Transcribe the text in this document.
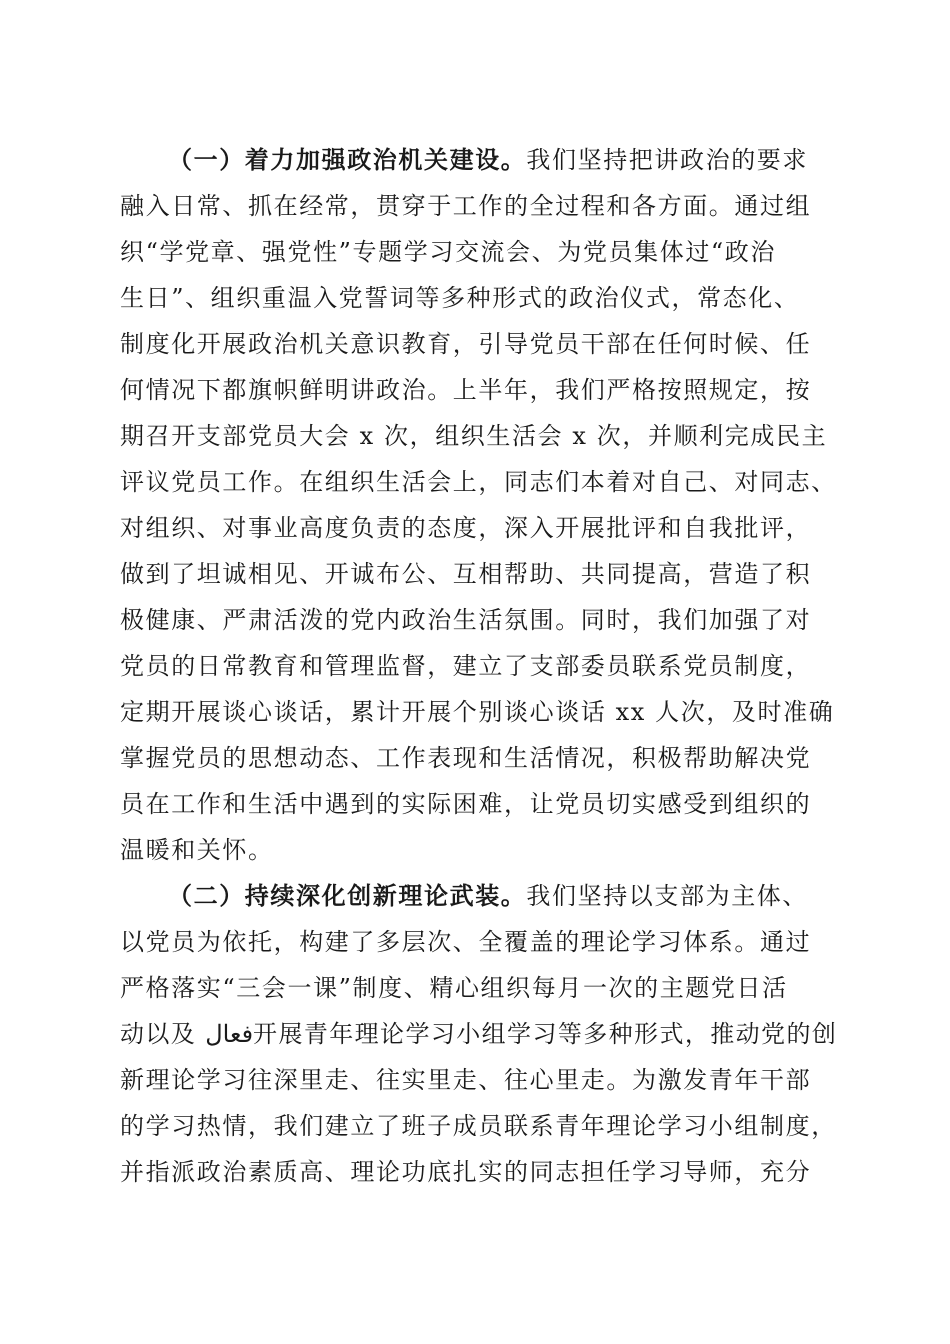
（一）着力加强政治机关建设。我们坚持把讲政治的要求
融入日常、抓在经常，贯穿于工作的全过程和各方面。通过组
织“学党章、强党性”专题学习交流会、为党员集体过“政治
生日”、组织重温入党誓词等多种形式的政治仪式，常态化、
制度化开展政治机关意识教育，引导党员干部在任何时候、任
何情况下都旗帜鲜明讲政治。上半年，我们严格按照规定，按
期召开支部党员大会 x 次，组织生活会 x 次，并顺利完成民主
评议党员工作。在组织生活会上，同志们本着对自己、对同志、
对组织、对事业高度负责的态度，深入开展批评和自我批评，
做到了坦诚相见、开诚布公、互相帮助、共同提高，营造了积
极健康、严肃活泼的党内政治生活氛围。同时，我们加强了对
党员的日常教育和管理监督，建立了支部委员联系党员制度，
定期开展谈心谈话，累计开展个别谈心谈话 xx 人次，及时准确
掌握党员的思想动态、工作表现和生活情况，积极帮助解决党
员在工作和生活中遇到的实际困难，让党员切实感受到组织的
温暖和关怀。
（二）持续深化创新理论武装。我们坚持以支部为主体、
以党员为依托，构建了多层次、全覆盖的理论学习体系。通过
严格落实“三会一课”制度、精心组织每月一次的主题党日活
动以及 فعال开展青年理论学习小组学习等多种形式，推动党的创
新理论学习往深里走、往实里走、往心里走。为激发青年干部
的学习热情，我们建立了班子成员联系青年理论学习小组制度，
并指派政治素质高、理论功底扎实的同志担任学习导师，充分
